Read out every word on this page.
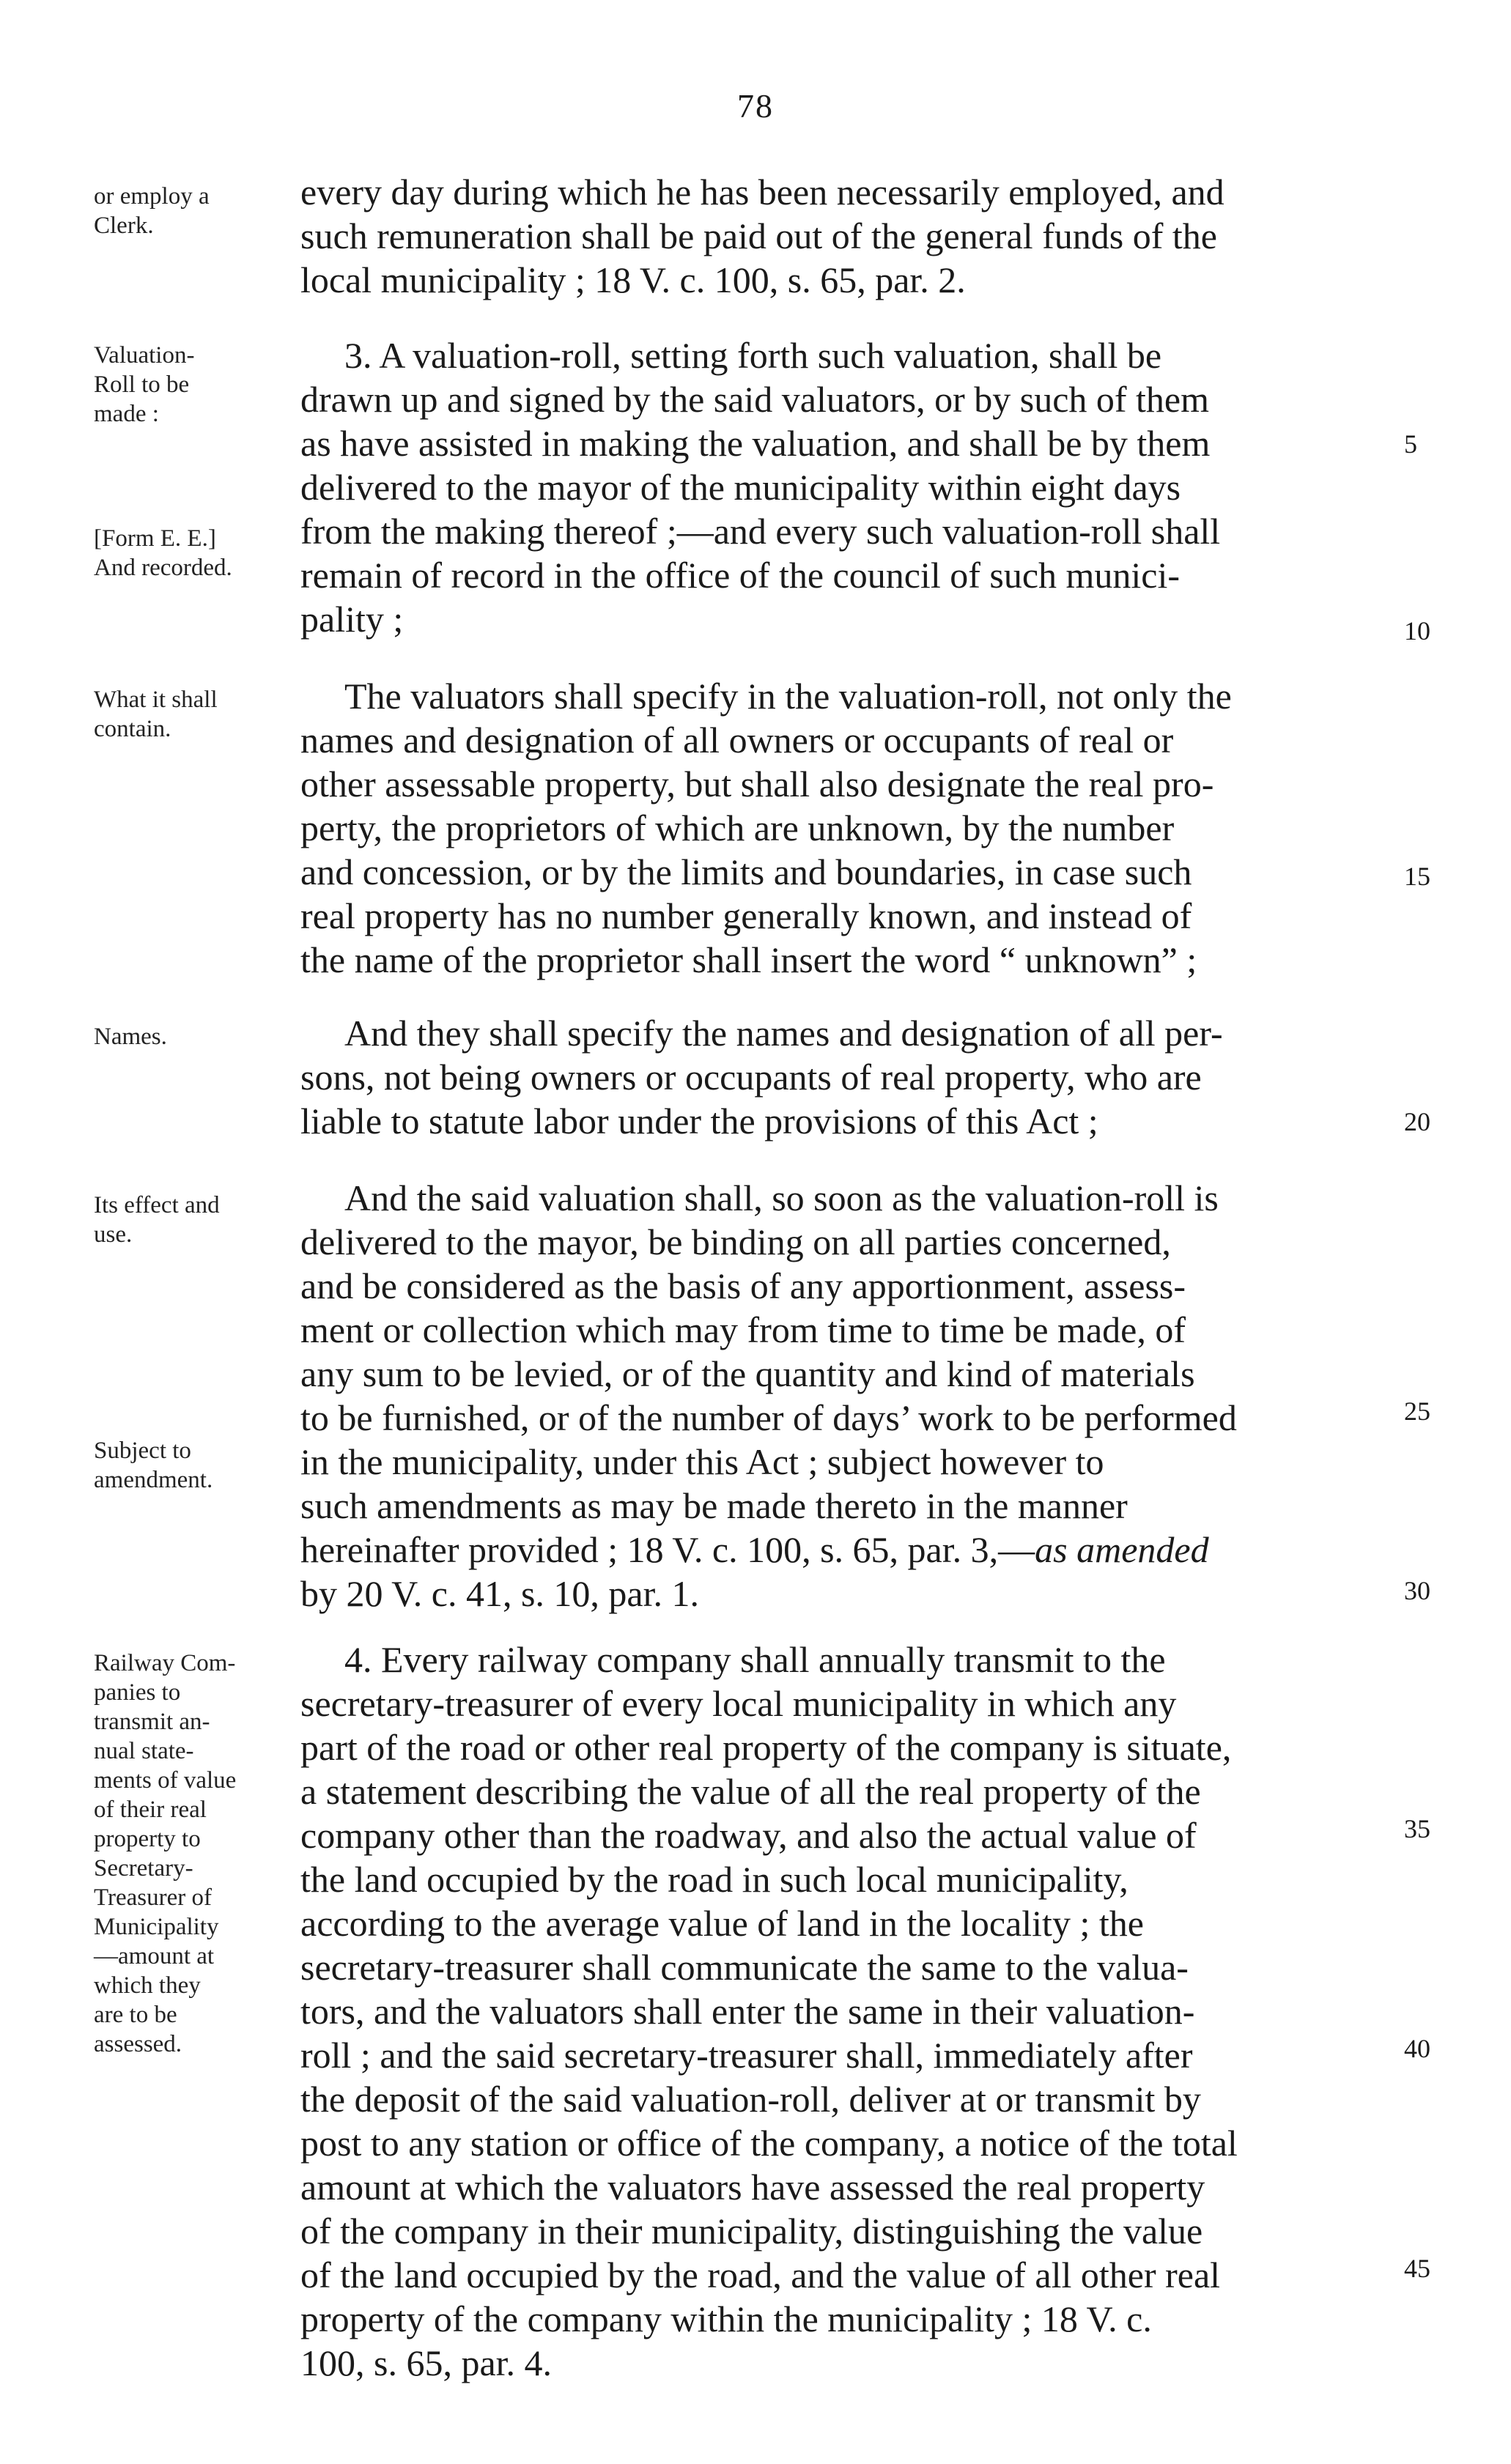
78
or employ a
Clerk.
every day during which he has been necessarily employed, and
such remuneration shall be paid out of the general funds of the
local municipality ; 18 V. c. 100, s. 65, par. 2.
Valuation-
Roll to be
made :
[Form E. E.]
And recorded.
3. A valuation-roll, setting forth such valuation, shall be
drawn up and signed by the said valuators, or by such of them
as have assisted in making the valuation, and shall be by them
delivered to the mayor of the municipality within eight days
from the making thereof ;—and every such valuation-roll shall
remain of record in the office of the council of such munici-
pality ;
5
10
What it shall
contain.
The valuators shall specify in the valuation-roll, not only the
names and designation of all owners or occupants of real or
other assessable property, but shall also designate the real pro-
perty, the proprietors of which are unknown, by the number
and concession, or by the limits and boundaries, in case such
real property has no number generally known, and instead of
the name of the proprietor shall insert the word “ unknown” ;
15
Names.	And they shall specify the names and designation of all per-
sons, not being owners or occupants of real property, who are
liable to statute labor under the provisions of this Act ;	20
Its effect and
use.
Subject to
amendment.
And the said valuation shall, so soon as the valuation-roll is
delivered to the mayor, be binding on all parties concerned,
and be considered as the basis of any apportionment, assess-
ment or collection which may from time to time be made, of
any sum to be levied, or of the quantity and kind of materials
to be furnished, or of the number of days’ work to be performed
in the municipality, under this Act ; subject however to
such amendments as may be made thereto in the manner
hereinafter provided ; 18 V. c. 100, s. 65, par. 3,—as amended
by 20 V. c. 41, s. 10, par. 1.
25
30
Railway Com-
panies to
transmit an-
nual state-
ments of value
of their real
property to
Secretary-
Treasurer of
Municipality
—amount at
which they
are to be
assessed.
4. Every railway company shall annually transmit to the
secretary-treasurer of every local municipality in which any
part of the road or other real property of the company is situate,
a statement describing the value of all the real property of the
company other than the roadway, and also the actual value of
the land occupied by the road in such local municipality,
according to the average value of land in the locality ; the
secretary-treasurer shall communicate the same to the valua-
tors, and the valuators shall enter the same in their valuation-
roll ; and the said secretary-treasurer shall, immediately after
the deposit of the said valuation-roll, deliver at or transmit by
post to any station or office of the company, a notice of the total
amount at which the valuators have assessed the real property
of the company in their municipality, distinguishing the value
of the land occupied by the road, and the value of all other real
property of the company within the municipality ; 18 V. c.
100, s. 65, par. 4.
35
40
45
